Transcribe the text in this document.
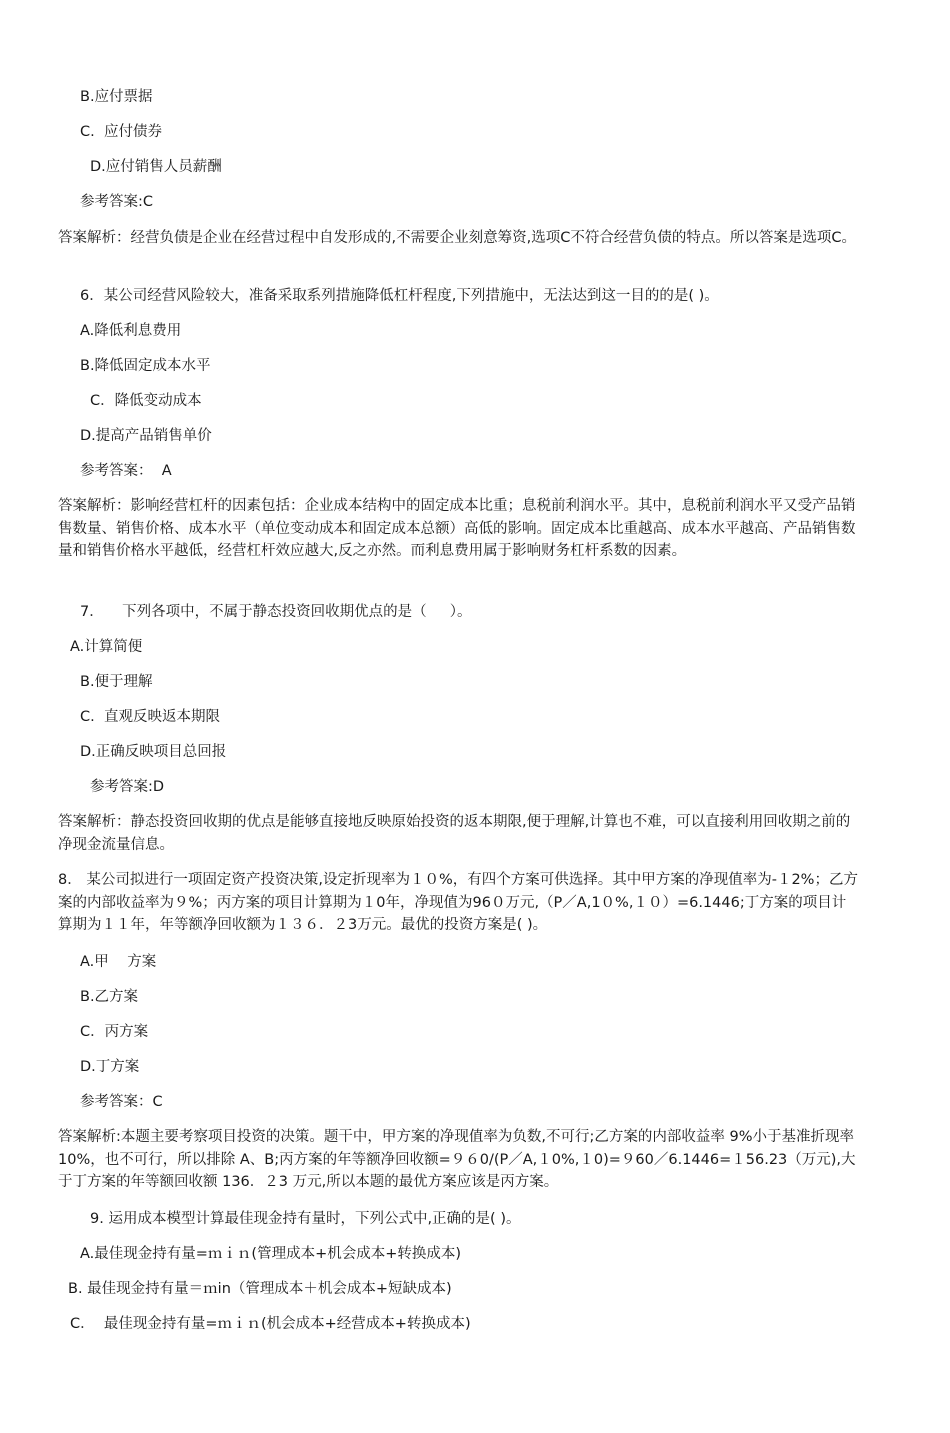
B.应付票据
C.  应付债券
D.应付销售人员薪酬
参考答案:C
答案解析：经营负债是企业在经营过程中自发形成的,不需要企业刻意筹资,选项C不符合经营负债的特点。所以答案是选项C。
6．某公司经营风险较大，准备采取系列措施降低杠杆程度,下列措施中，无法达到这一目的的是( )。
A.降低利息费用
B.降低固定成本水平
C．降低变动成本
D.提高产品销售单价
参考答案：  A
答案解析：影响经营杠杆的因素包括：企业成本结构中的固定成本比重；息税前利润水平。其中，息税前利润水平又受产品销售数量、销售价格、成本水平（单位变动成本和固定成本总额）高低的影响。固定成本比重越高、成本水平越高、产品销售数量和销售价格水平越低，经营杠杆效应越大,反之亦然。而利息费用属于影响财务杠杆系数的因素。
7．    下列各项中，不属于静态投资回收期优点的是（     ）。
A.计算简便
B.便于理解
C.  直观反映返本期限
D.正确反映项目总回报
参考答案:D
答案解析：静态投资回收期的优点是能够直接地反映原始投资的返本期限,便于理解,计算也不难，可以直接利用回收期之前的净现金流量信息。
8． 某公司拟进行一项固定资产投资决策,设定折现率为１０%，有四个方案可供选择。其中甲方案的净现值率为-１2%；乙方案的内部收益率为９%；丙方案的项目计算期为１0年，净现值为96０万元,（P／A,1０%,１０）=6.1446;丁方案的项目计算期为１１年，年等额净回收额为１３６．２3万元。最优的投资方案是( )。
A.甲    方案
B.乙方案
C．丙方案
D.丁方案
参考答案：C
答案解析:本题主要考察项目投资的决策。题干中，甲方案的净现值率为负数,不可行;乙方案的内部收益率 9%小于基准折现率 10%，也不可行，所以排除 A、B;丙方案的年等额净回收额=９６0/(P／A,１0%,１0)=９60／6.1446=１56.23（万元),大于丁方案的年等额回收额 136．２3 万元,所以本题的最优方案应该是丙方案。
9. 运用成本模型计算最佳现金持有量时，下列公式中,正确的是( )。
A.最佳现金持有量=ｍｉｎ(管理成本+机会成本+转换成本)
B. 最佳现金持有量＝ｍin（管理成本＋机会成本+短缺成本)
C．  最佳现金持有量=ｍｉｎ(机会成本+经营成本+转换成本)
